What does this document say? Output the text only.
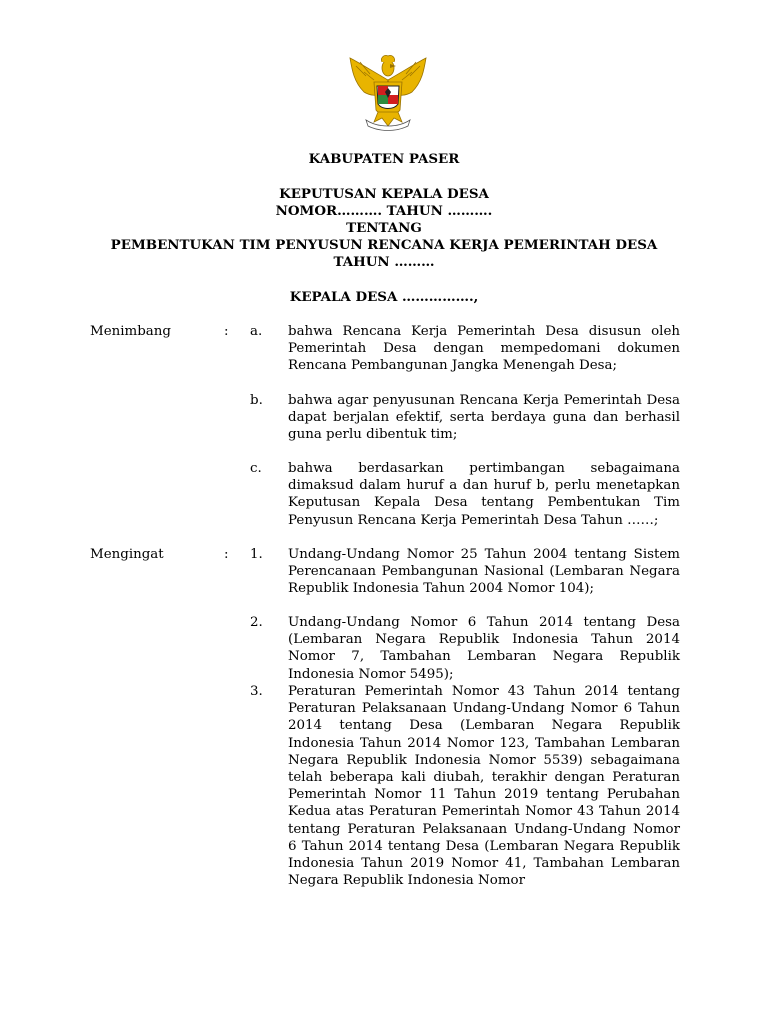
KABUPATEN PASER
KEPUTUSAN KEPALA DESA
NOMOR………. TAHUN ……….
TENTANG
PEMBENTUKAN TIM PENYUSUN RENCANA KERJA PEMERINTAH DESA
TAHUN ………
KEPALA DESA …………….,
Menimbang	: a. bahwa Rencana Kerja Pemerintah Desa disusun oleh Pemerintah Desa dengan mempedomani dokumen Rencana Pembangunan Jangka Menengah Desa;
b. bahwa agar penyusunan Rencana Kerja Pemerintah Desa dapat berjalan efektif, serta berdaya guna dan berhasil guna perlu dibentuk tim;
c. bahwa berdasarkan pertimbangan sebagaimana dimaksud dalam huruf a dan huruf b, perlu menetapkan Keputusan Kepala Desa tentang Pembentukan Tim Penyusun Rencana Kerja Pemerintah Desa Tahun ……;
Mengingat	: 1. Undang-Undang Nomor 25 Tahun 2004 tentang Sistem Perencanaan Pembangunan Nasional (Lembaran Negara Republik Indonesia Tahun 2004 Nomor 104);
2. Undang-Undang Nomor 6 Tahun 2014 tentang Desa (Lembaran Negara Republik Indonesia Tahun 2014 Nomor 7, Tambahan Lembaran Negara Republik Indonesia Nomor 5495);
3. Peraturan Pemerintah Nomor 43 Tahun 2014 tentang Peraturan Pelaksanaan Undang-Undang Nomor 6 Tahun 2014 tentang Desa (Lembaran Negara Republik Indonesia Tahun 2014 Nomor 123, Tambahan Lembaran Negara Republik Indonesia Nomor 5539) sebagaimana telah beberapa kali diubah, terakhir dengan Peraturan Pemerintah Nomor 11 Tahun 2019 tentang Perubahan Kedua atas Peraturan Pemerintah Nomor 43 Tahun 2014 tentang Peraturan Pelaksanaan Undang-Undang Nomor 6 Tahun 2014 tentang Desa (Lembaran Negara Republik Indonesia Tahun 2019 Nomor 41, Tambahan Lembaran Negara Republik Indonesia Nomor
